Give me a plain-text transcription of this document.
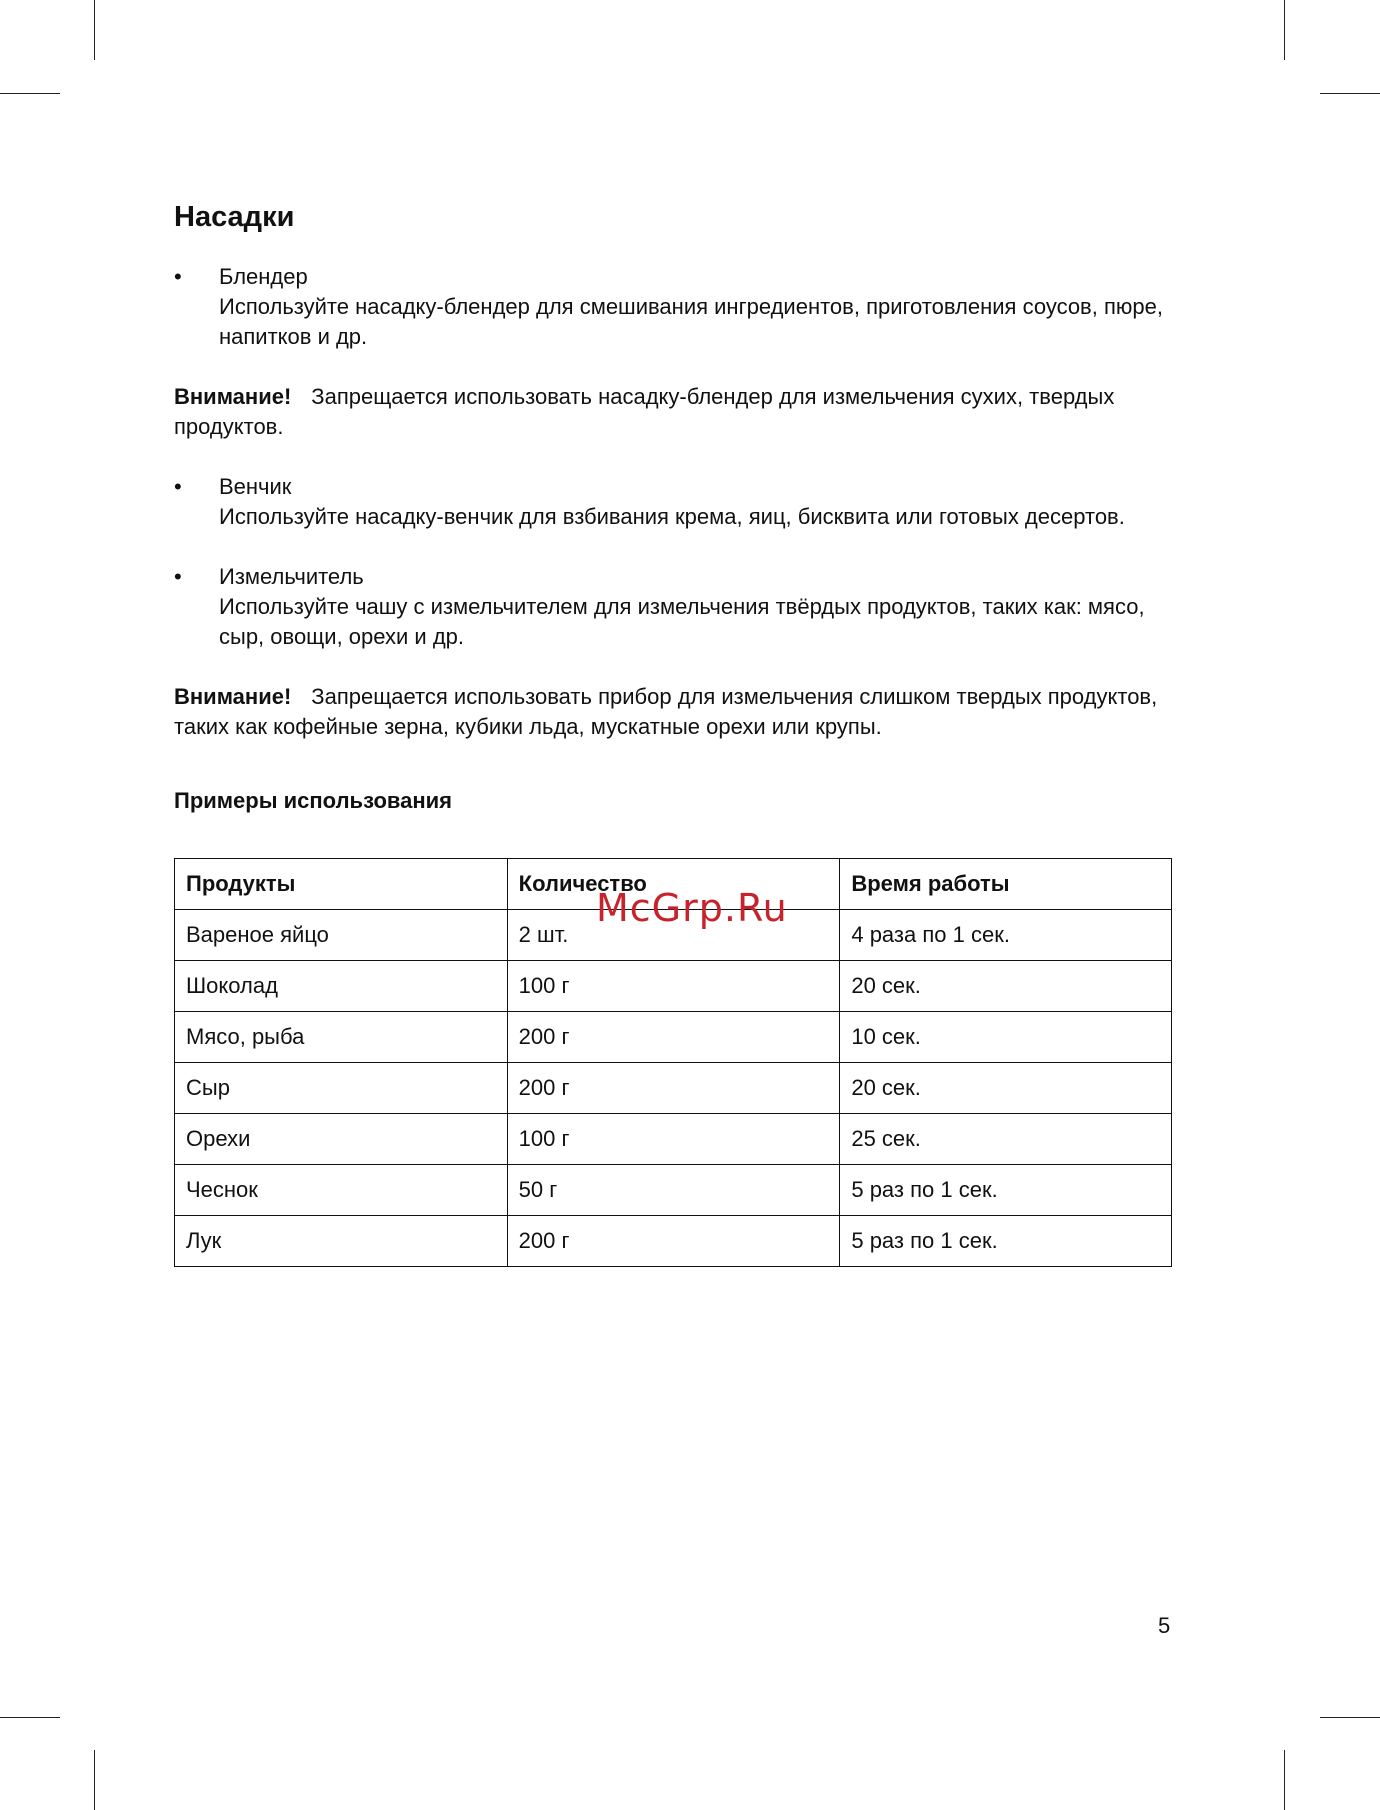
Насадки
• Блендер

Используйте насадку-блендер для смешивания ингредиентов, приготовления соусов, пюре, напитков и др.

Внимание! Запрещается использовать насадку-блендер для измельчения сухих, твердых продуктов.
• Венчик

Используйте насадку-венчик для взбивания крема, яиц, бисквита или готовых десертов.

• Измельчитель

Используйте чашу с измельчителем для измельчения твёрдых продуктов, таких как: мясо, сыр, овощи, орехи и др.

Внимание! Запрещается использовать прибор для измельчения слишком твердых продуктов, таких как кофейные зерна, кубики льда, мускатные орехи или крупы.
Примеры использования
Продукты	Количество	Время работы
Вареное яйцо	2 шт.	4 раза по 1 сек.
Шоколад	100 г	20 сек.
Мясо, рыба	200 г	10 сек.
Сыр	200 г	20 сек.
Орехи	100 г	25 сек.
Чеснок	50 г	5 раз по 1 сек.
Лук	200 г	5 раз по 1 сек.
McGrp.Ru
5
